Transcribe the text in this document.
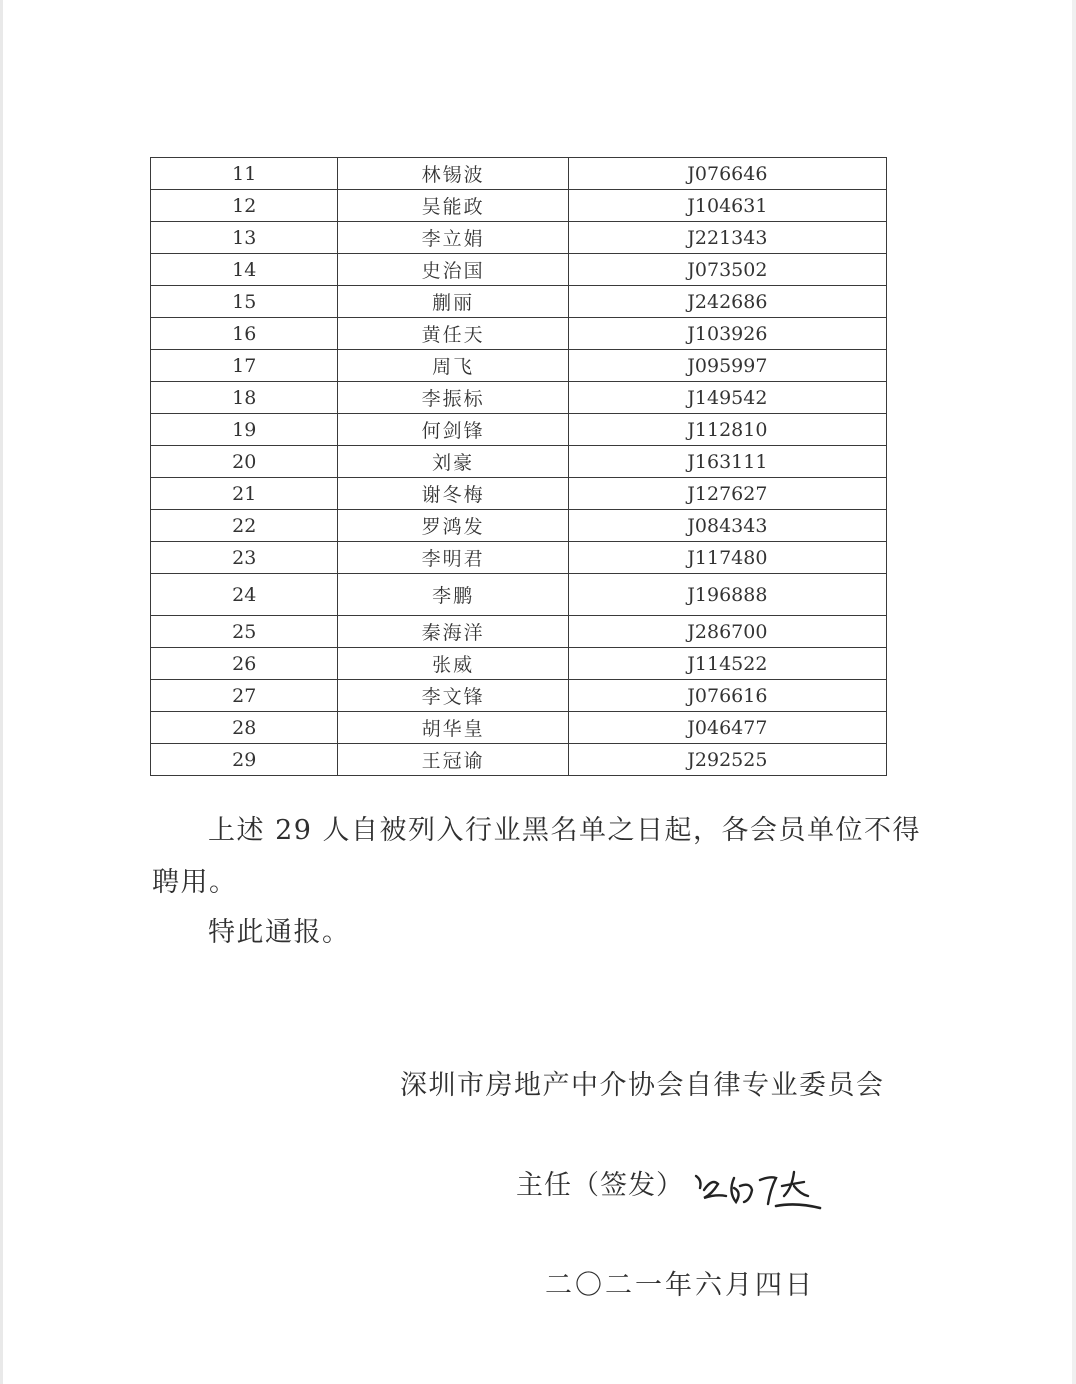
11	林锡波	J076646
12	吴能政	J104631
13	李立娟	J221343
14	史治国	J073502
15	蒯丽	J242686
16	黄任天	J103926
17	周飞	J095997
18	李振标	J149542
19	何剑锋	J112810
20	刘豪	J163111
21	谢冬梅	J127627
22	罗鸿发	J084343
23	李明君	J117480
24	李鹏	J196888
25	秦海洋	J286700
26	张威	J114522
27	李文锋	J076616
28	胡华皇	J046477
29	王冠谕	J292525
上述 29 人自被列入行业黑名单之日起，各会员单位不得
聘用。
特此通报。
深圳市房地产中介协会自律专业委员会
主任（签发）
二〇二一年六月四日
